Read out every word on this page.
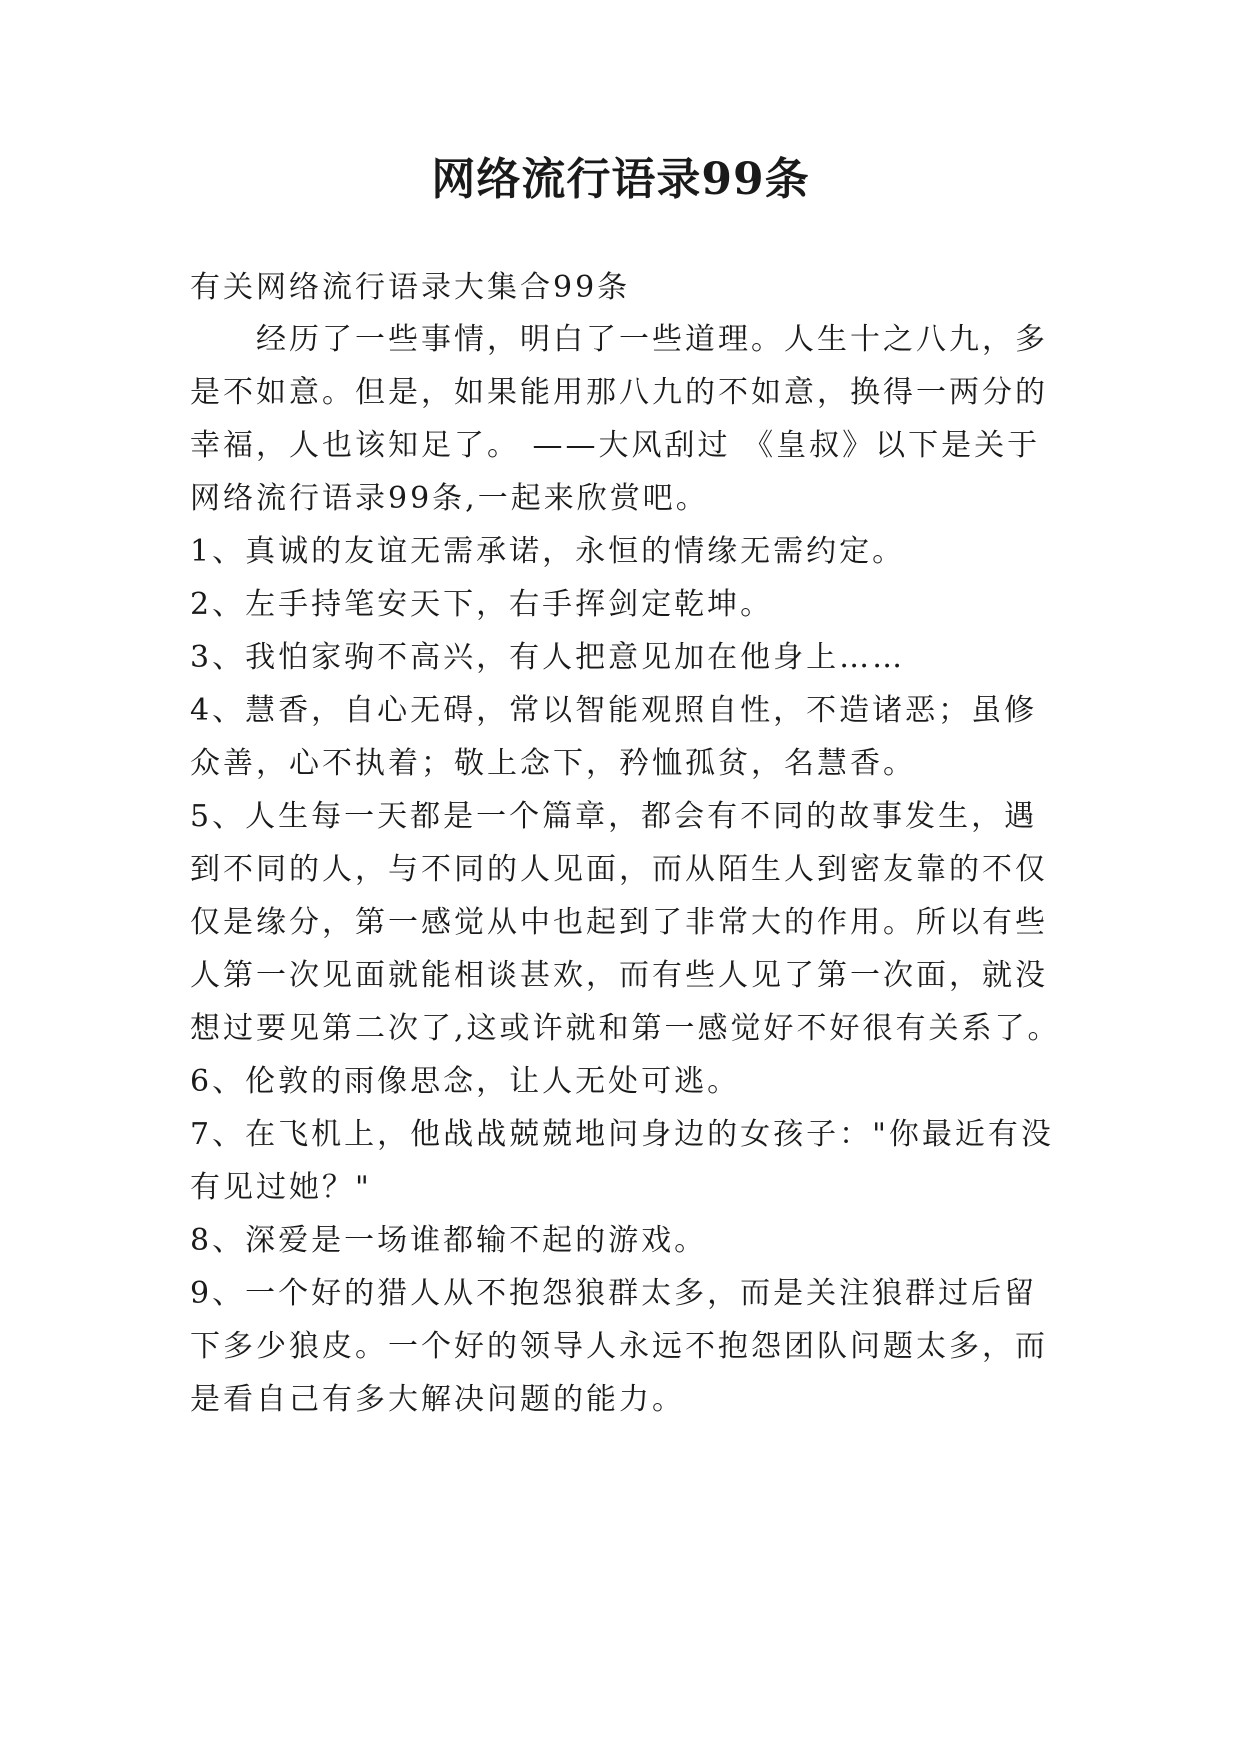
网络流行语录99条
有关网络流行语录大集合99条
经历了一些事情，明白了一些道理。人生十之八九，多
是不如意。但是，如果能用那八九的不如意，换得一两分的
幸福，人也该知足了。 ——大风刮过 《皇叔》以下是关于
网络流行语录99条,一起来欣赏吧。
1、真诚的友谊无需承诺，永恒的情缘无需约定。
2、左手持笔安天下，右手挥剑定乾坤。
3、我怕家驹不高兴，有人把意见加在他身上……
4、慧香，自心无碍，常以智能观照自性，不造诸恶；虽修
众善，心不执着；敬上念下，矜恤孤贫，名慧香。
5、人生每一天都是一个篇章，都会有不同的故事发生，遇
到不同的人，与不同的人见面，而从陌生人到密友靠的不仅
仅是缘分，第一感觉从中也起到了非常大的作用。所以有些
人第一次见面就能相谈甚欢，而有些人见了第一次面，就没
想过要见第二次了,这或许就和第一感觉好不好很有关系了。
6、伦敦的雨像思念，让人无处可逃。
7、在飞机上，他战战兢兢地问身边的女孩子："你最近有没
有见过她？"
8、深爱是一场谁都输不起的游戏。
9、一个好的猎人从不抱怨狼群太多，而是关注狼群过后留
下多少狼皮。一个好的领导人永远不抱怨团队问题太多，而
是看自己有多大解决问题的能力。
